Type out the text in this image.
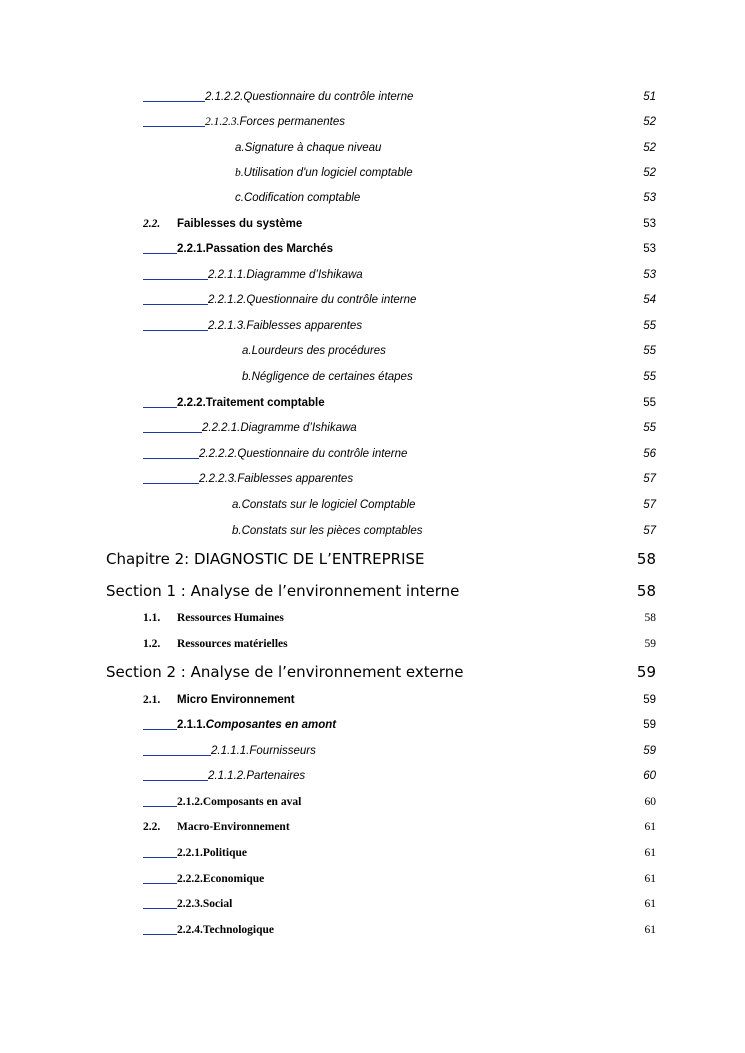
2.1.2.2. Questionnaire du contrôle interne	51
2.1.2.3. Forces permanentes	52
a. Signature à chaque niveau	52
b. Utilisation d'un logiciel comptable	52
c. Codification comptable	53
2.2.	Faiblesses du système	53
2.2.1. Passation des Marchés	53
2.2.1.1. Diagramme d’Ishikawa	53
2.2.1.2. Questionnaire du contrôle interne	54
2.2.1.3. Faiblesses apparentes	55
a. Lourdeurs des procédures	55
b. Négligence de certaines étapes	55
2.2.2. Traitement comptable	55
2.2.2.1. Diagramme d’Ishikawa	55
2.2.2.2. Questionnaire du contrôle interne	56
2.2.2.3. Faiblesses apparentes	57
a. Constats sur le logiciel Comptable	57
b. Constats sur les pièces comptables	57
Chapitre 2: DIAGNOSTIC DE L’ENTREPRISE	58
Section 1 : Analyse de l’environnement interne	58
1.1.	Ressources Humaines	58
1.2.	Ressources matérielles	59
Section 2 : Analyse de l’environnement externe	59
2.1.	Micro Environnement	59
2.1.1. Composantes en amont	59
2.1.1.1. Fournisseurs	59
2.1.1.2. Partenaires	60
2.1.2. Composants en aval	60
2.2.	Macro-Environnement	61
2.2.1. Politique	61
2.2.2. Economique	61
2.2.3. Social	61
2.2.4. Technologique	61
